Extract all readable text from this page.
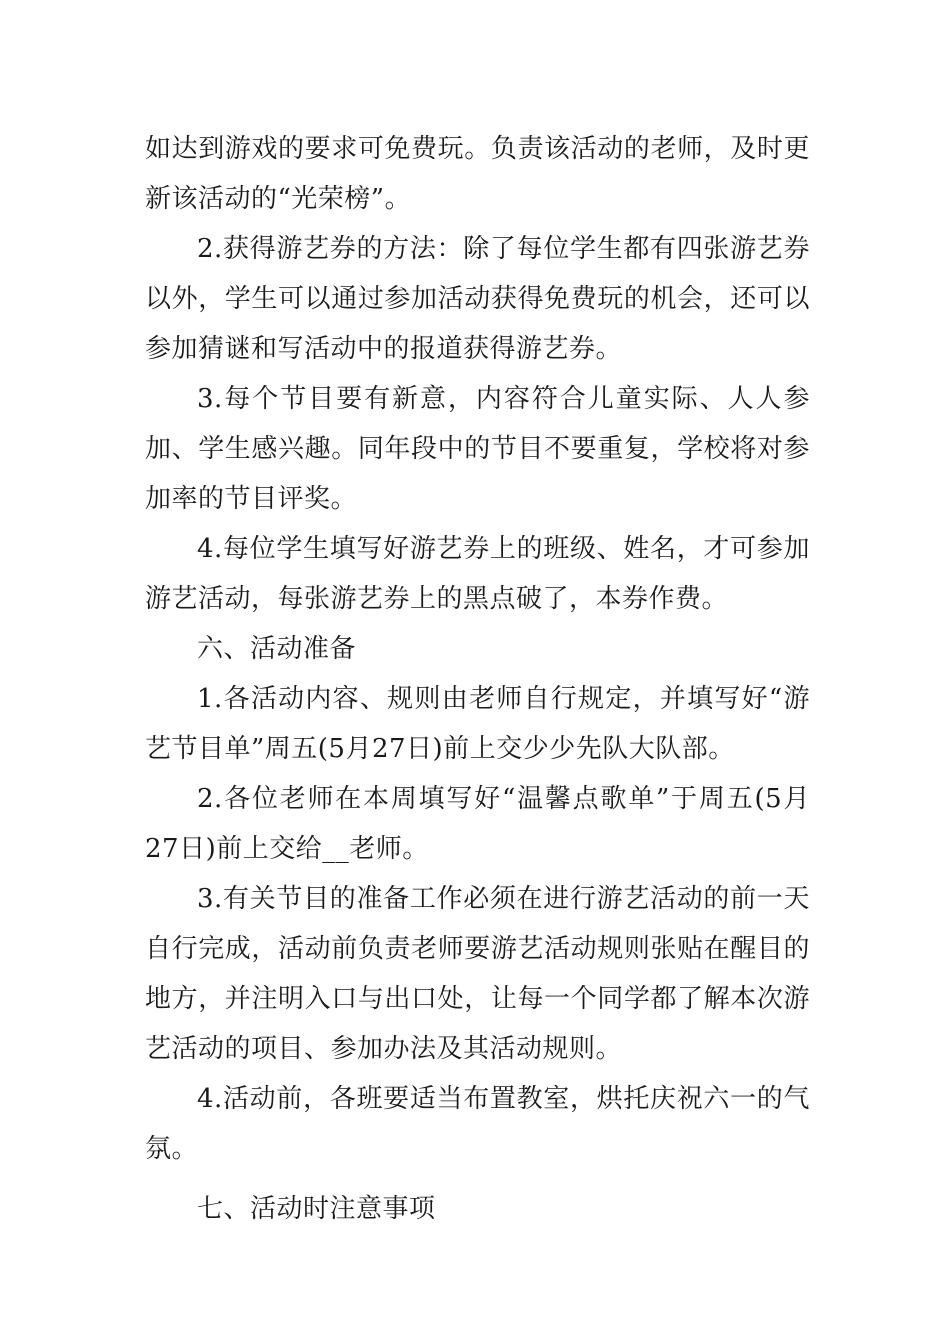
如达到游戏的要求可免费玩。负责该活动的老师，及时更新该活动的“光荣榜”。

2.获得游艺券的方法：除了每位学生都有四张游艺券以外，学生可以通过参加活动获得免费玩的机会，还可以参加猜谜和写活动中的报道获得游艺券。

3.每个节目要有新意，内容符合儿童实际、人人参加、学生感兴趣。同年段中的节目不要重复，学校将对参加率的节目评奖。

4.每位学生填写好游艺券上的班级、姓名，才可参加游艺活动，每张游艺券上的黑点破了，本券作费。

六、活动准备

1.各活动内容、规则由老师自行规定，并填写好“游艺节目单”周五(5月27日)前上交少少先队大队部。

2.各位老师在本周填写好“温馨点歌单”于周五(5月27日)前上交给__老师。

3.有关节目的准备工作必须在进行游艺活动的前一天自行完成，活动前负责老师要游艺活动规则张贴在醒目的地方，并注明入口与出口处，让每一个同学都了解本次游艺活动的项目、参加办法及其活动规则。

4.活动前，各班要适当布置教室，烘托庆祝六一的气氛。

七、活动时注意事项
